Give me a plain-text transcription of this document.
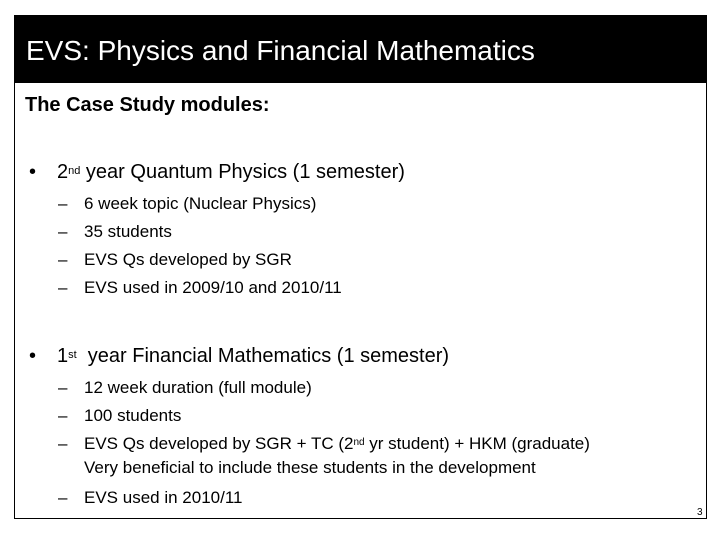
EVS: Physics and Financial Mathematics
The Case Study modules:
• 2nd year Quantum Physics (1 semester)
– 6 week topic (Nuclear Physics)
– 35 students
– EVS Qs developed by SGR
– EVS used in 2009/10 and 2010/11
• 1st  year Financial Mathematics (1 semester)
– 12 week duration (full module)
– 100 students
– EVS Qs developed by SGR + TC (2nd yr student) + HKM (graduate)
Very beneficial to include these students in the development
– EVS used in 2010/11
3
